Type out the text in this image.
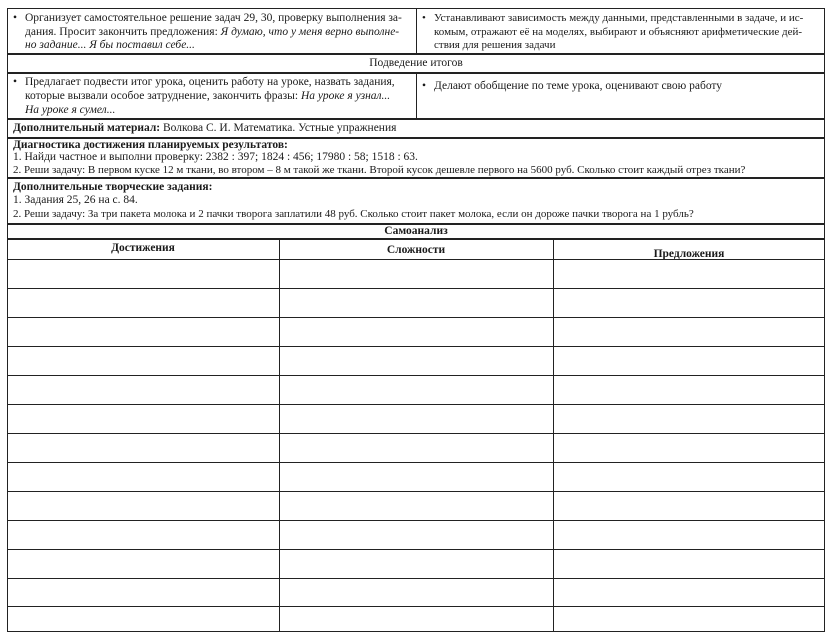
• Организует самостоятельное решение задач 29, 30, проверку выполнения за-
дания. Просит закончить предложения: Я думаю, что у меня верно выполне-
но задание... Я бы поставил себе...
• Устанавливают зависимость между данными, представленными в задаче, и ис-
комым, отражают её на моделях, выбирают и объясняют арифметические дей-
ствия для решения задачи
Подведение итогов
• Предлагает подвести итог урока, оценить работу на уроке, назвать задания,
которые вызвали особое затруднение, закончить фразы: На уроке я узнал...
На уроке я сумел...
• Делают обобщение по теме урока, оценивают свою работу
Дополнительный материал: Волкова С. И. Математика. Устные упражнения
Диагностика достижения планируемых результатов:
1. Найди частное и выполни проверку: 2382 : 397; 1824 : 456; 17980 : 58; 1518 : 63.
2. Реши задачу: В первом куске 12 м ткани, во втором – 8 м такой же ткани. Второй кусок дешевле первого на 5600 руб. Сколько стоит каждый отрез ткани?
Дополнительные творческие задания:
1. Задания 25, 26 на с. 84.
2. Реши задачу: За три пакета молока и 2 пачки творога заплатили 48 руб. Сколько стоит пакет молока, если он дороже пачки творога на 1 рубль?
Самоанализ
Достижения	Сложности	Предложения
